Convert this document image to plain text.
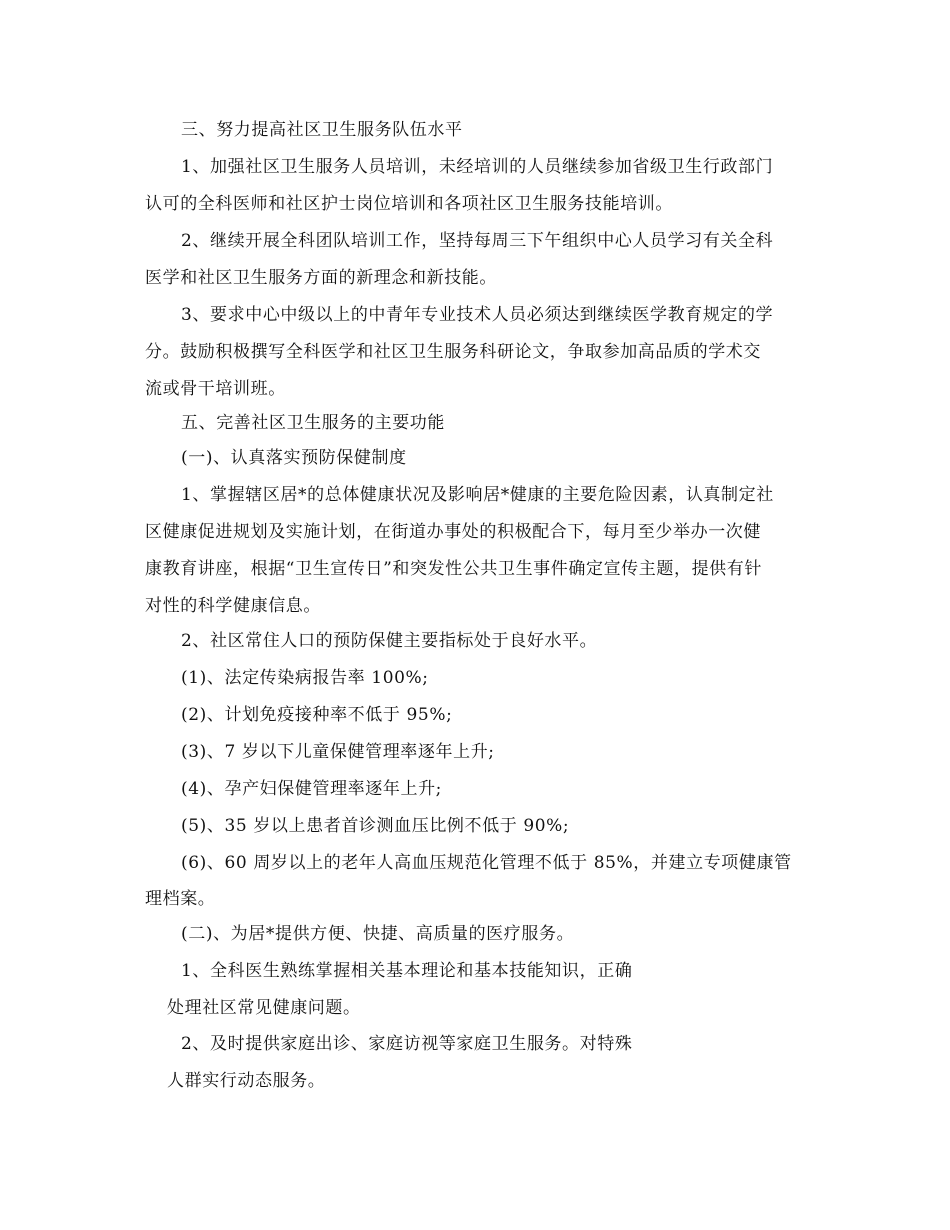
三、努力提高社区卫生服务队伍水平
1、加强社区卫生服务人员培训，未经培训的人员继续参加省级卫生行政部门
认可的全科医师和社区护士岗位培训和各项社区卫生服务技能培训。
2、继续开展全科团队培训工作，坚持每周三下午组织中心人员学习有关全科
医学和社区卫生服务方面的新理念和新技能。
3、要求中心中级以上的中青年专业技术人员必须达到继续医学教育规定的学
分。鼓励积极撰写全科医学和社区卫生服务科研论文，争取参加高品质的学术交
流或骨干培训班。
五、完善社区卫生服务的主要功能
(一)、认真落实预防保健制度
1、掌握辖区居*的总体健康状况及影响居*健康的主要危险因素，认真制定社
区健康促进规划及实施计划，在街道办事处的积极配合下，每月至少举办一次健
康教育讲座，根据“卫生宣传日”和突发性公共卫生事件确定宣传主题，提供有针
对性的科学健康信息。
2、社区常住人口的预防保健主要指标处于良好水平。
(1)、法定传染病报告率 100%;
(2)、计划免疫接种率不低于 95%;
(3)、7 岁以下儿童保健管理率逐年上升;
(4)、孕产妇保健管理率逐年上升;
(5)、35 岁以上患者首诊测血压比例不低于 90%;
(6)、60 周岁以上的老年人高血压规范化管理不低于 85%，并建立专项健康管
理档案。
(二)、为居*提供方便、快捷、高质量的医疗服务。
1、全科医生熟练掌握相关基本理论和基本技能知识，正确
处理社区常见健康问题。
2、及时提供家庭出诊、家庭访视等家庭卫生服务。对特殊
人群实行动态服务。
